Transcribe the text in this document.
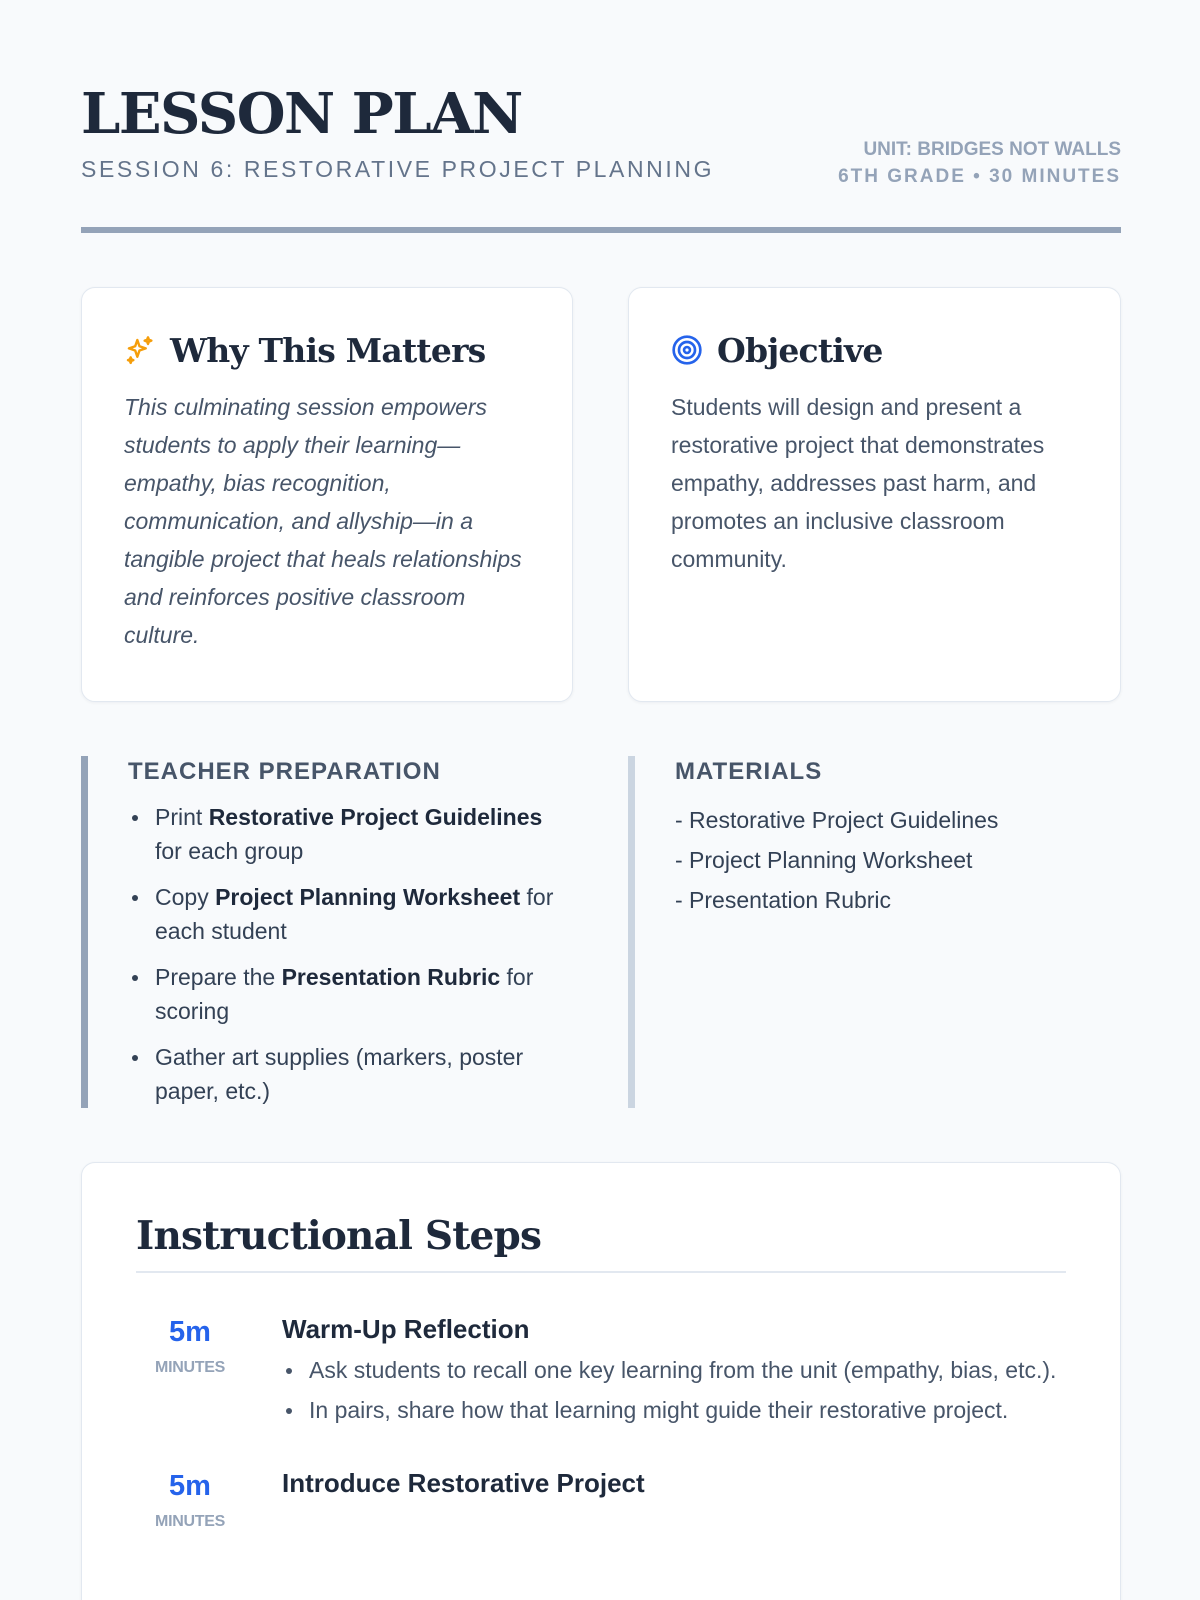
LESSON PLAN
SESSION 6: RESTORATIVE PROJECT PLANNING
UNIT: BRIDGES NOT WALLS
6TH GRADE • 30 MINUTES
Why This Matters

This culminating session empowers students to apply their learning—empathy, bias recognition, communication, and allyship—in a tangible project that heals relationships and reinforces positive classroom culture.

Objective

Students will design and present a restorative project that demonstrates empathy, addresses past harm, and promotes an inclusive classroom community.

TEACHER PREPARATION
Print Restorative Project Guidelines for each group
Copy Project Planning Worksheet for each student
Prepare the Presentation Rubric for scoring
Gather art supplies (markers, poster paper, etc.)
MATERIALS
- Restorative Project Guidelines
- Project Planning Worksheet
- Presentation Rubric
Instructional Steps
5m
MINUTES
Warm-Up Reflection
Ask students to recall one key learning from the unit (empathy, bias, etc.).
In pairs, share how that learning might guide their restorative project.
5m
MINUTES
Introduce Restorative Project
